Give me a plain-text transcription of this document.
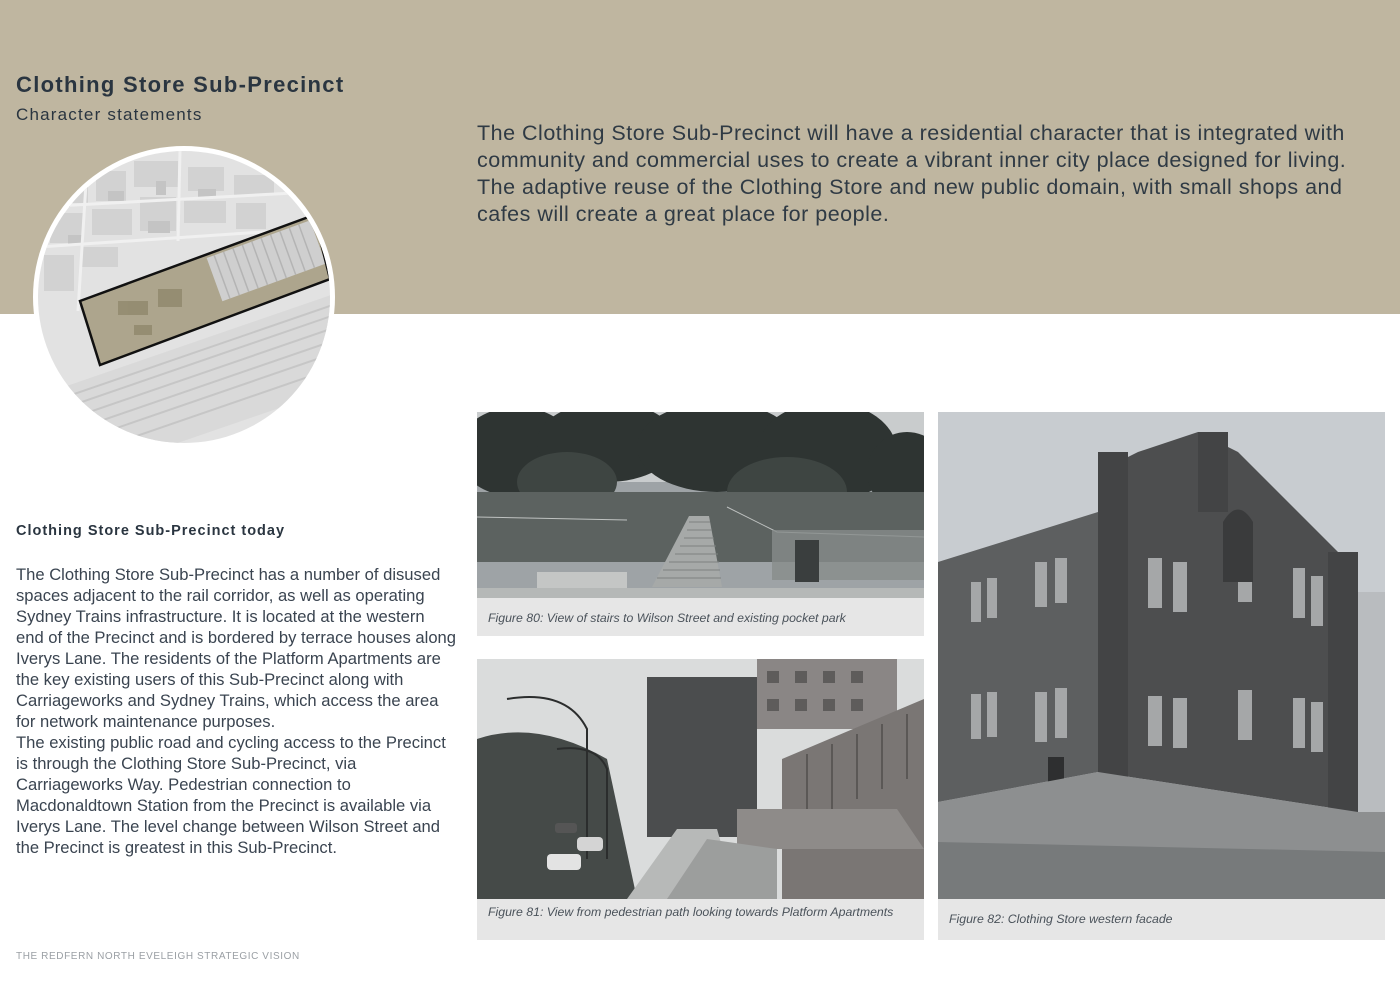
Clothing Store Sub-Precinct
Character statements

The Clothing Store Sub-Precinct will have a residential character that is integrated with community and commercial uses to create a vibrant inner city place designed for living. The adaptive reuse of the Clothing Store and new public domain, with small shops and cafes will create a great place for people.

Clothing Store Sub-Precinct today

The Clothing Store Sub-Precinct has a number of disused spaces adjacent to the rail corridor, as well as operating Sydney Trains infrastructure. It is located at the western end of the Precinct and is bordered by terrace houses along Iverys Lane. The residents of the Platform Apartments are the key existing users of this Sub-Precinct along with Carriageworks and Sydney Trains, which access the area for network maintenance purposes.

The existing public road and cycling access to the Precinct is through the Clothing Store Sub-Precinct, via Carriageworks Way. Pedestrian connection to Macdonaldtown Station from the Precinct is available via Iverys Lane. The level change between Wilson Street and the Precinct is greatest in this Sub-Precinct.

Figure 80: View of stairs to Wilson Street and existing pocket park
Figure 81: View from pedestrian path looking towards Platform Apartments	Figure 82: Clothing Store western facade
THE REDFERN NORTH EVELEIGH STRATEGIC VISION
